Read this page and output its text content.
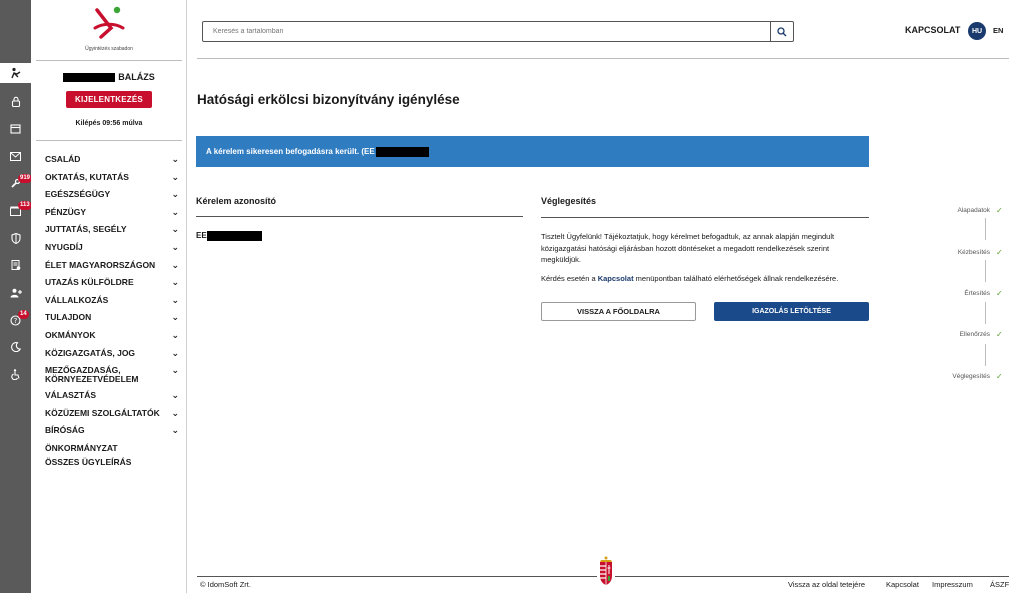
919
113
?
14
Ügyintézés szabadon
BALÁZS
KIJELENTKEZÉS
Kilépés 09:56 múlva
CSALÁD	⌄
OKTATÁS, KUTATÁS	⌄
EGÉSZSÉGÜGY	⌄
PÉNZÜGY	⌄
JUTTATÁS, SEGÉLY	⌄
NYUGDÍJ	⌄
ÉLET MAGYARORSZÁGON ⌄
UTAZÁS KÜLFÖLDRE	⌄
VÁLLALKOZÁS	⌄
TULAJDON	⌄
OKMÁNYOK	⌄
KÖZIGAZGATÁS, JOG	⌄
MEZŐGAZDASÁG, KÖRNYEZETVÉDELEM
⌄
VÁLASZTÁS	⌄
KÖZÜZEMI SZOLGÁLTATÓK ⌄
BÍRÓSÁG	⌄
ÖNKORMÁNYZAT
ÖSSZES ÜGYLEÍRÁS
Keresés a tartalomban
KAPCSOLAT	HU	EN
Hatósági erkölcsi bizonyítvány igénylése
A kérelem sikeresen befogadásra került. (EE
Kérelem azonosító
EE
Véglegesítés
Tisztelt Ügyfelünk! Tájékoztatjuk, hogy kérelmet befogadtuk, az annak alapján megindult közigazgatási hatósági eljárásban hozott döntéseket a megadott rendelkezések szerint megküldjük.
Kérdés esetén a Kapcsolat menüpontban található elérhetőségek állnak rendelkezésére.
VISSZA A FŐOLDALRA	IGAZOLÁS LETÖLTÉSE
Alapadatok ✓
Kézbesítés ✓
Értesítés ✓
Ellenőrzés ✓
Véglegesítés ✓
© IdomSoft Zrt.	Vissza az oldal tetejére	Kapcsolat Impresszum ÁSZF
